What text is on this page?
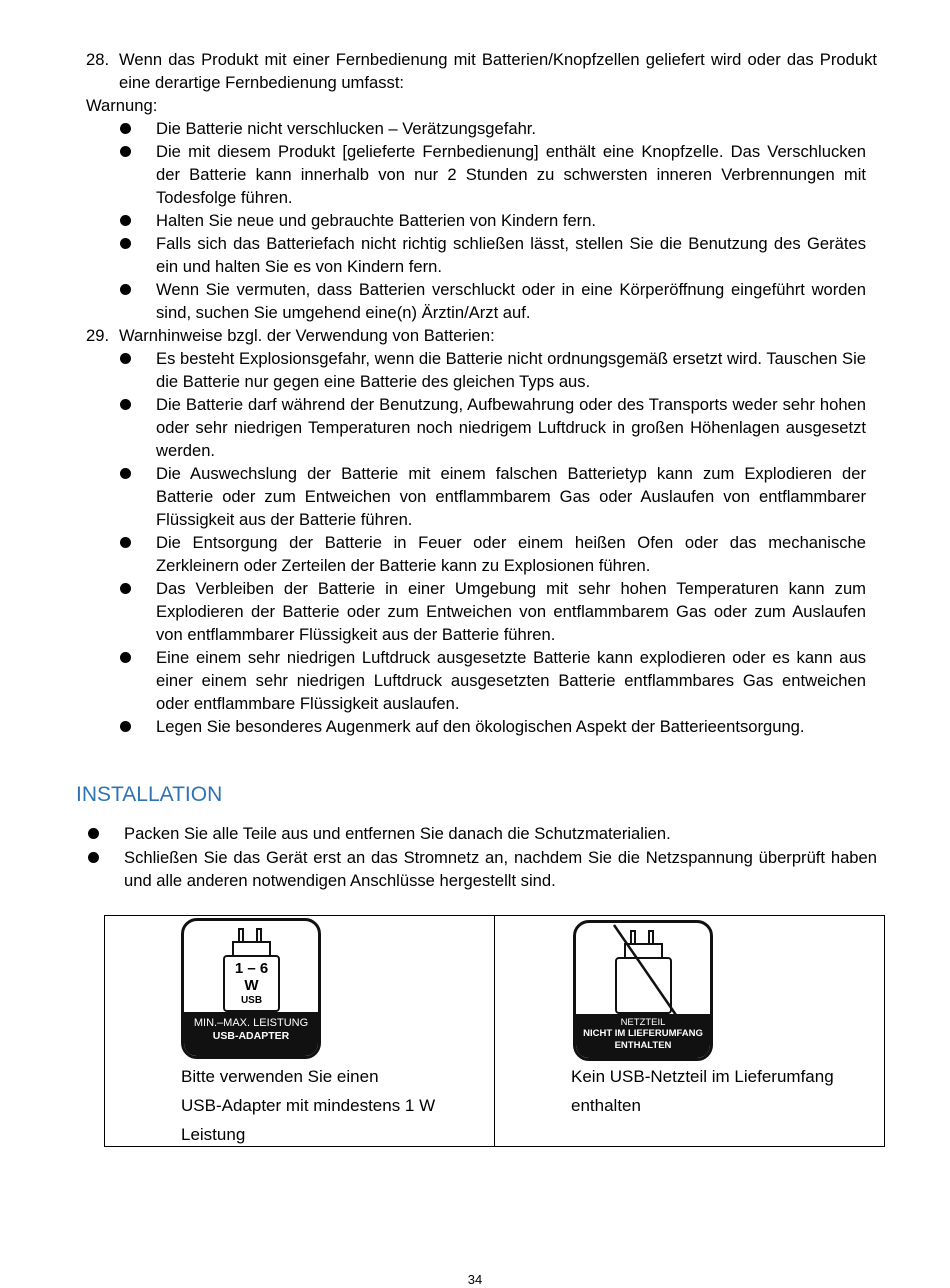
28. Wenn das Produkt mit einer Fernbedienung mit Batterien/Knopfzellen geliefert wird oder das Produkt eine derartige Fernbedienung umfasst:
Warnung:
Die Batterie nicht verschlucken – Verätzungsgefahr.
Die mit diesem Produkt [gelieferte Fernbedienung] enthält eine Knopfzelle. Das Verschlucken der Batterie kann innerhalb von nur 2 Stunden zu schwersten inneren Verbrennungen mit Todesfolge führen.
Halten Sie neue und gebrauchte Batterien von Kindern fern.
Falls sich das Batteriefach nicht richtig schließen lässt, stellen Sie die Benutzung des Gerätes ein und halten Sie es von Kindern fern.
Wenn Sie vermuten, dass Batterien verschluckt oder in eine Körperöffnung eingeführt worden sind, suchen Sie umgehend eine(n) Ärztin/Arzt auf.
29. Warnhinweise bzgl. der Verwendung von Batterien:
Es besteht Explosionsgefahr, wenn die Batterie nicht ordnungsgemäß ersetzt wird. Tauschen Sie die Batterie nur gegen eine Batterie des gleichen Typs aus.
Die Batterie darf während der Benutzung, Aufbewahrung oder des Transports weder sehr hohen oder sehr niedrigen Temperaturen noch niedrigem Luftdruck in großen Höhenlagen ausgesetzt werden.
Die Auswechslung der Batterie mit einem falschen Batterietyp kann zum Explodieren der Batterie oder zum Entweichen von entflammbarem Gas oder Auslaufen von entflammbarer Flüssigkeit aus der Batterie führen.
Die Entsorgung der Batterie in Feuer oder einem heißen Ofen oder das mechanische Zerkleinern oder Zerteilen der Batterie kann zu Explosionen führen.
Das Verbleiben der Batterie in einer Umgebung mit sehr hohen Temperaturen kann zum Explodieren der Batterie oder zum Entweichen von entflammbarem Gas oder zum Auslaufen von entflammbarer Flüssigkeit aus der Batterie führen.
Eine einem sehr niedrigen Luftdruck ausgesetzte Batterie kann explodieren oder es kann aus einer einem sehr niedrigen Luftdruck ausgesetzten Batterie entflammbares Gas entweichen oder entflammbare Flüssigkeit auslaufen.
Legen Sie besonderes Augenmerk auf den ökologischen Aspekt der Batterieentsorgung.
INSTALLATION
Packen Sie alle Teile aus und entfernen Sie danach die Schutzmaterialien.
Schließen Sie das Gerät erst an das Stromnetz an, nachdem Sie die Netzspannung überprüft haben und alle anderen notwendigen Anschlüsse hergestellt sind.
1 – 6
W
USB
MIN.–MAX. LEISTUNG
USB-ADAPTER
Bitte verwenden Sie einen
USB-Adapter mit mindestens 1 W
Leistung
NETZTEIL
NICHT IM LIEFERUMFANG
ENTHALTEN
Kein USB-Netzteil im Lieferumfang
enthalten
34
